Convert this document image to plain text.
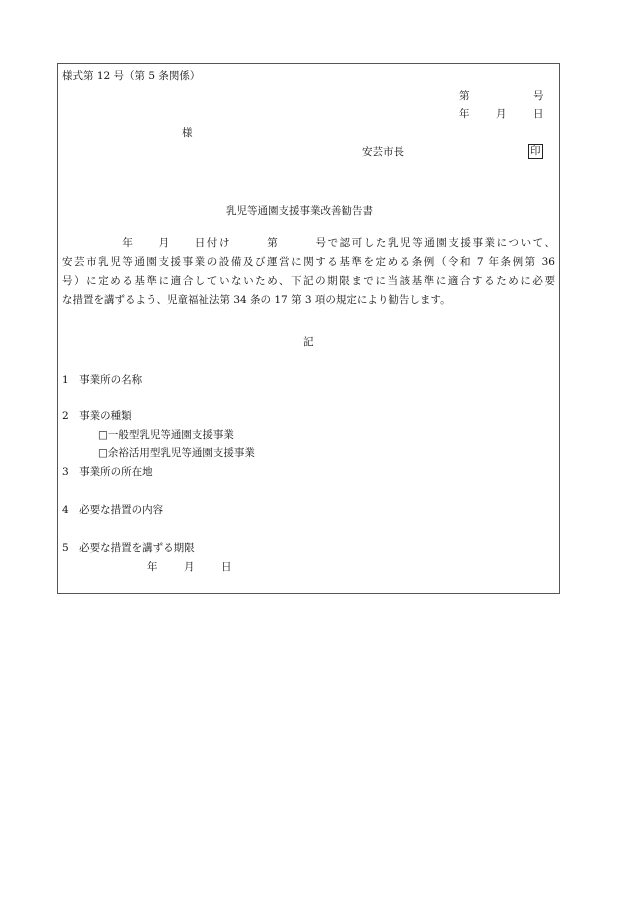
様式第 12 号（第 5 条関係）
第	号
年	月	日
様
安芸市長	印
乳児等通園支援事業改善勧告書
　　　　　年　　月　　日付け　　　第　　　号で認可した乳児等通園支援事業について、
安芸市乳児等通園支援事業の設備及び運営に関する基準を定める条例（令和 7 年条例第 36
号）に定める基準に適合していないため、下記の期限までに当該基準に適合するために必要
な措置を講ずるよう、児童福祉法第 34 条の 17 第 3 項の規定により勧告します。
記
1　事業所の名称
2　事業の種類
□一般型乳児等通園支援事業
□余裕活用型乳児等通園支援事業
3　事業所の所在地
4　必要な措置の内容
5　必要な措置を講ずる期限
年	月	日
